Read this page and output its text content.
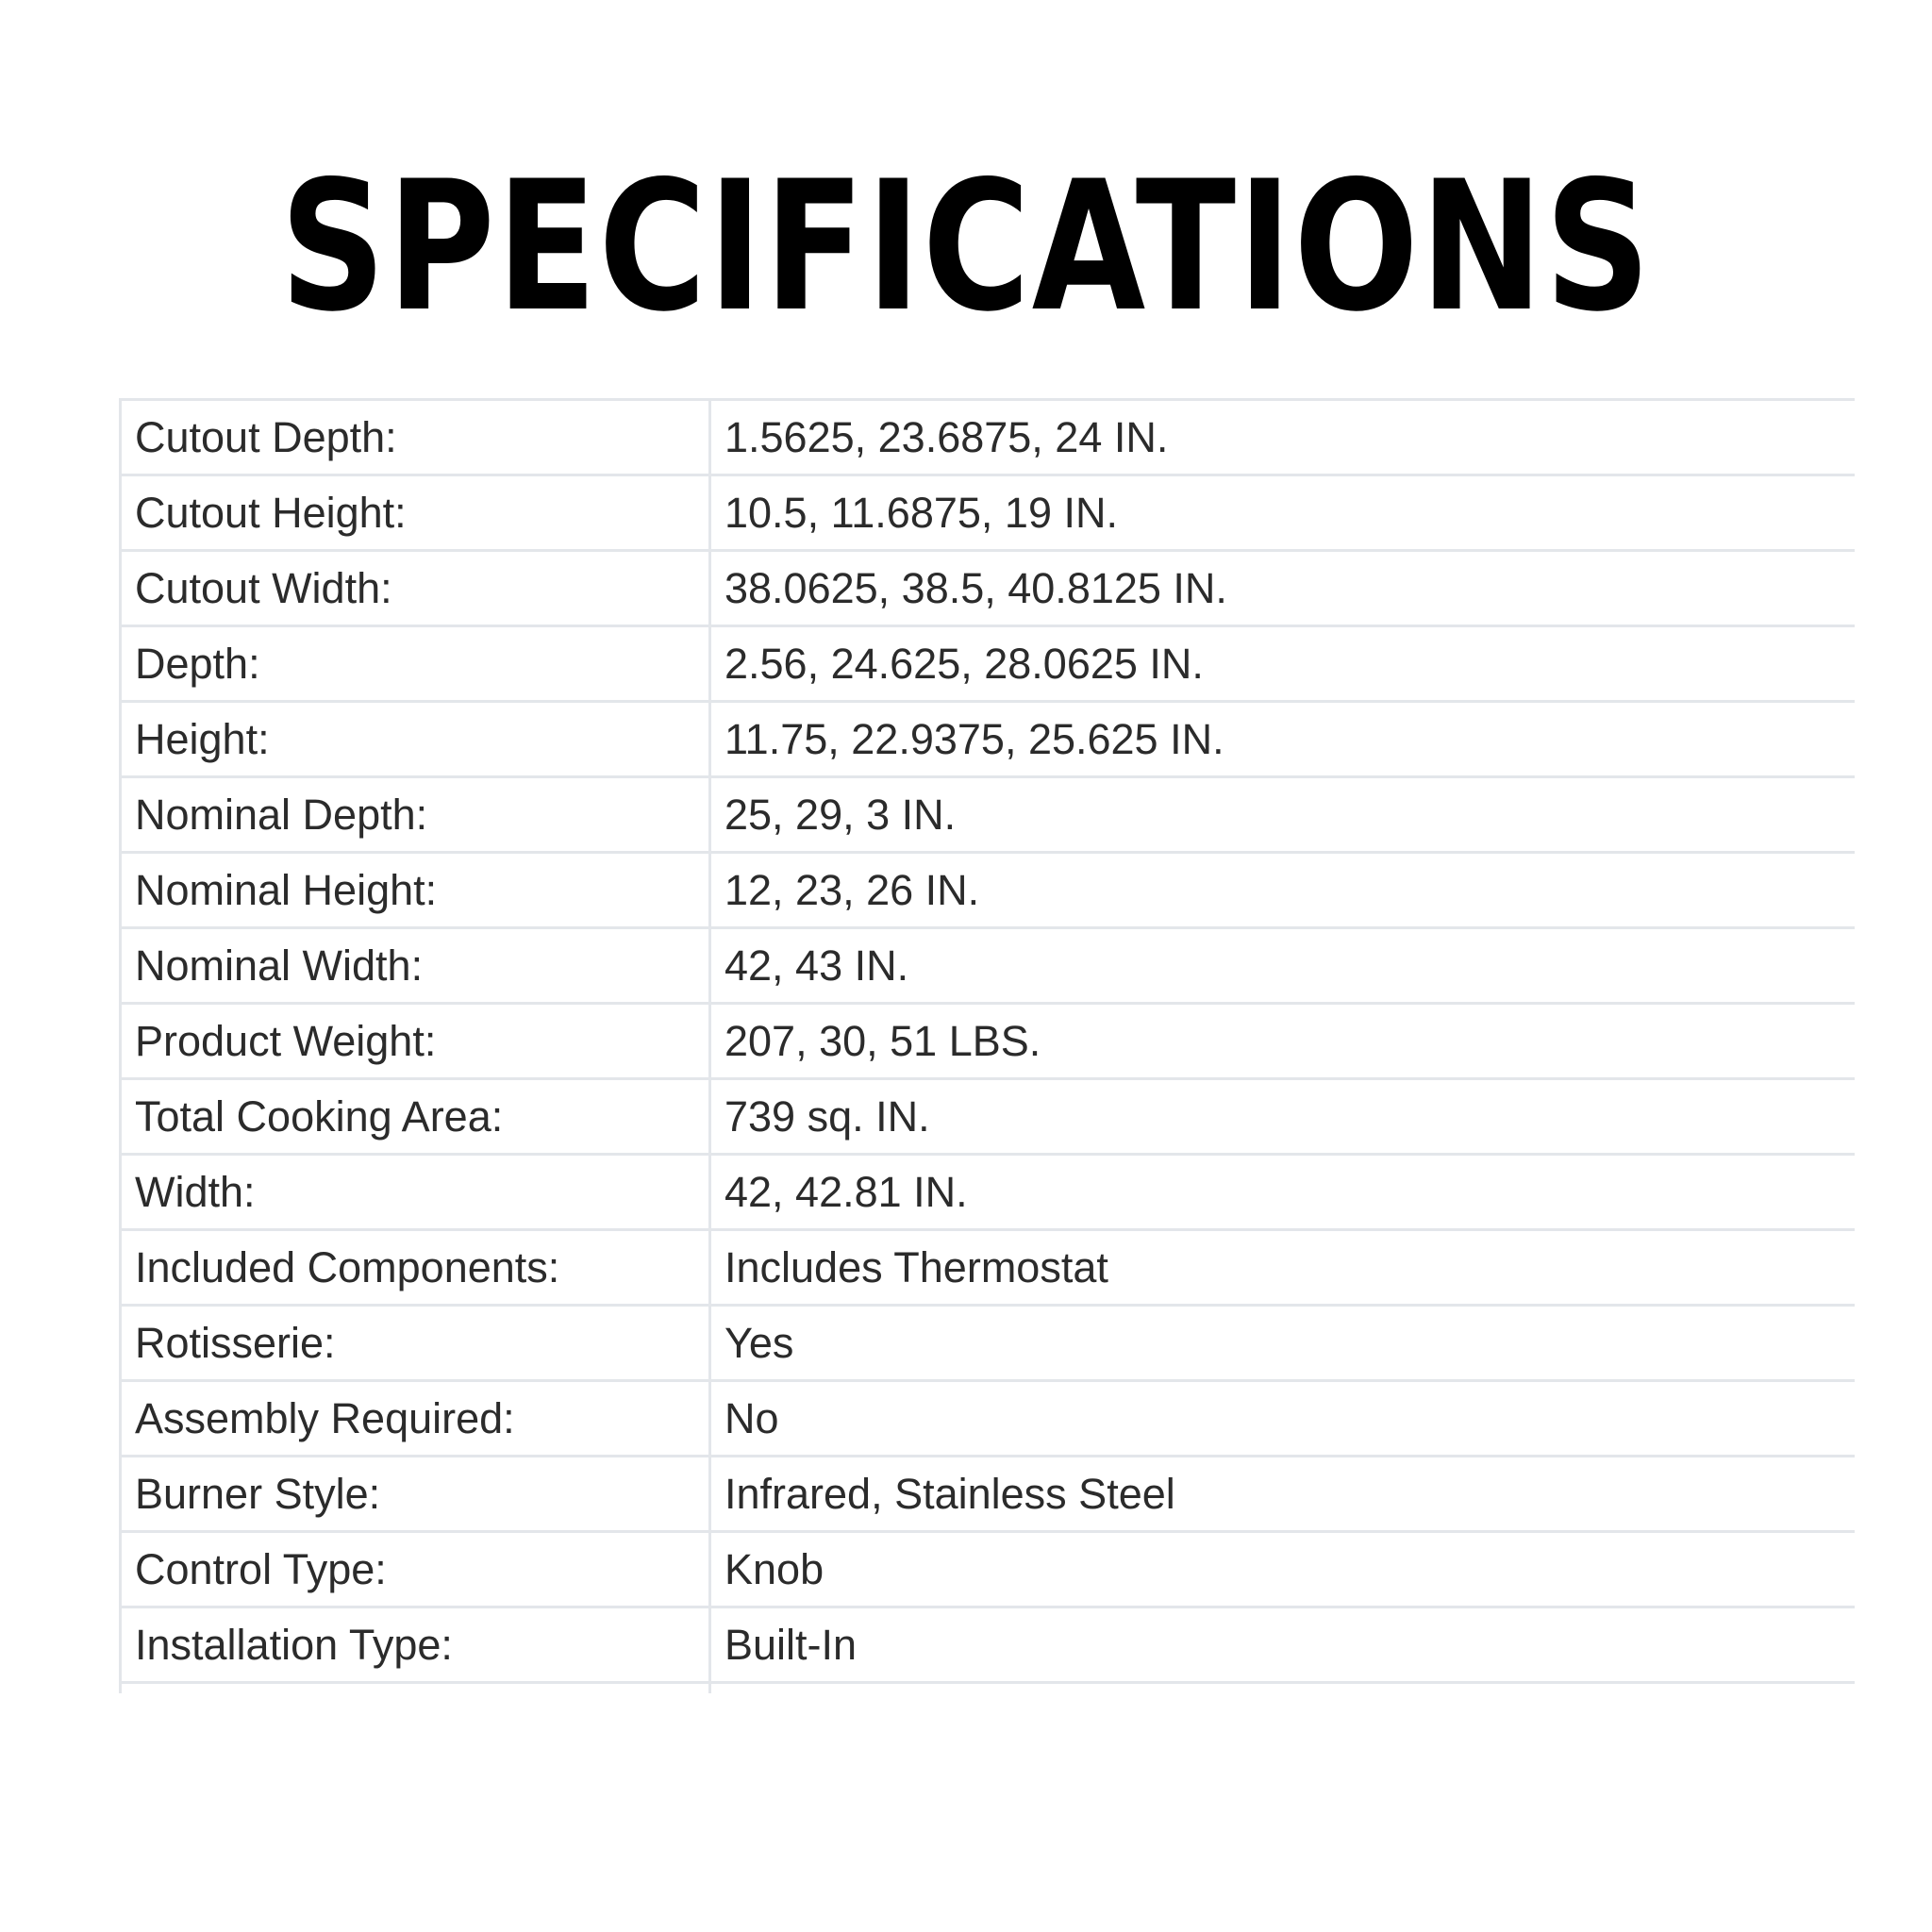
SPECIFICATIONS
Cutout Depth:	1.5625, 23.6875, 24 IN.
Cutout Height:	10.5, 11.6875, 19 IN.
Cutout Width:	38.0625, 38.5, 40.8125 IN.
Depth:	2.56, 24.625, 28.0625 IN.
Height:	11.75, 22.9375, 25.625 IN.
Nominal Depth:	25, 29, 3 IN.
Nominal Height:	12, 23, 26 IN.
Nominal Width:	42, 43 IN.
Product Weight:	207, 30, 51 LBS.
Total Cooking Area:	739 sq. IN.
Width:	42, 42.81 IN.
Included Components:	Includes Thermostat
Rotisserie:	Yes
Assembly Required:	No
Burner Style:	Infrared, Stainless Steel
Control Type:	Knob
Installation Type:	Built-In
